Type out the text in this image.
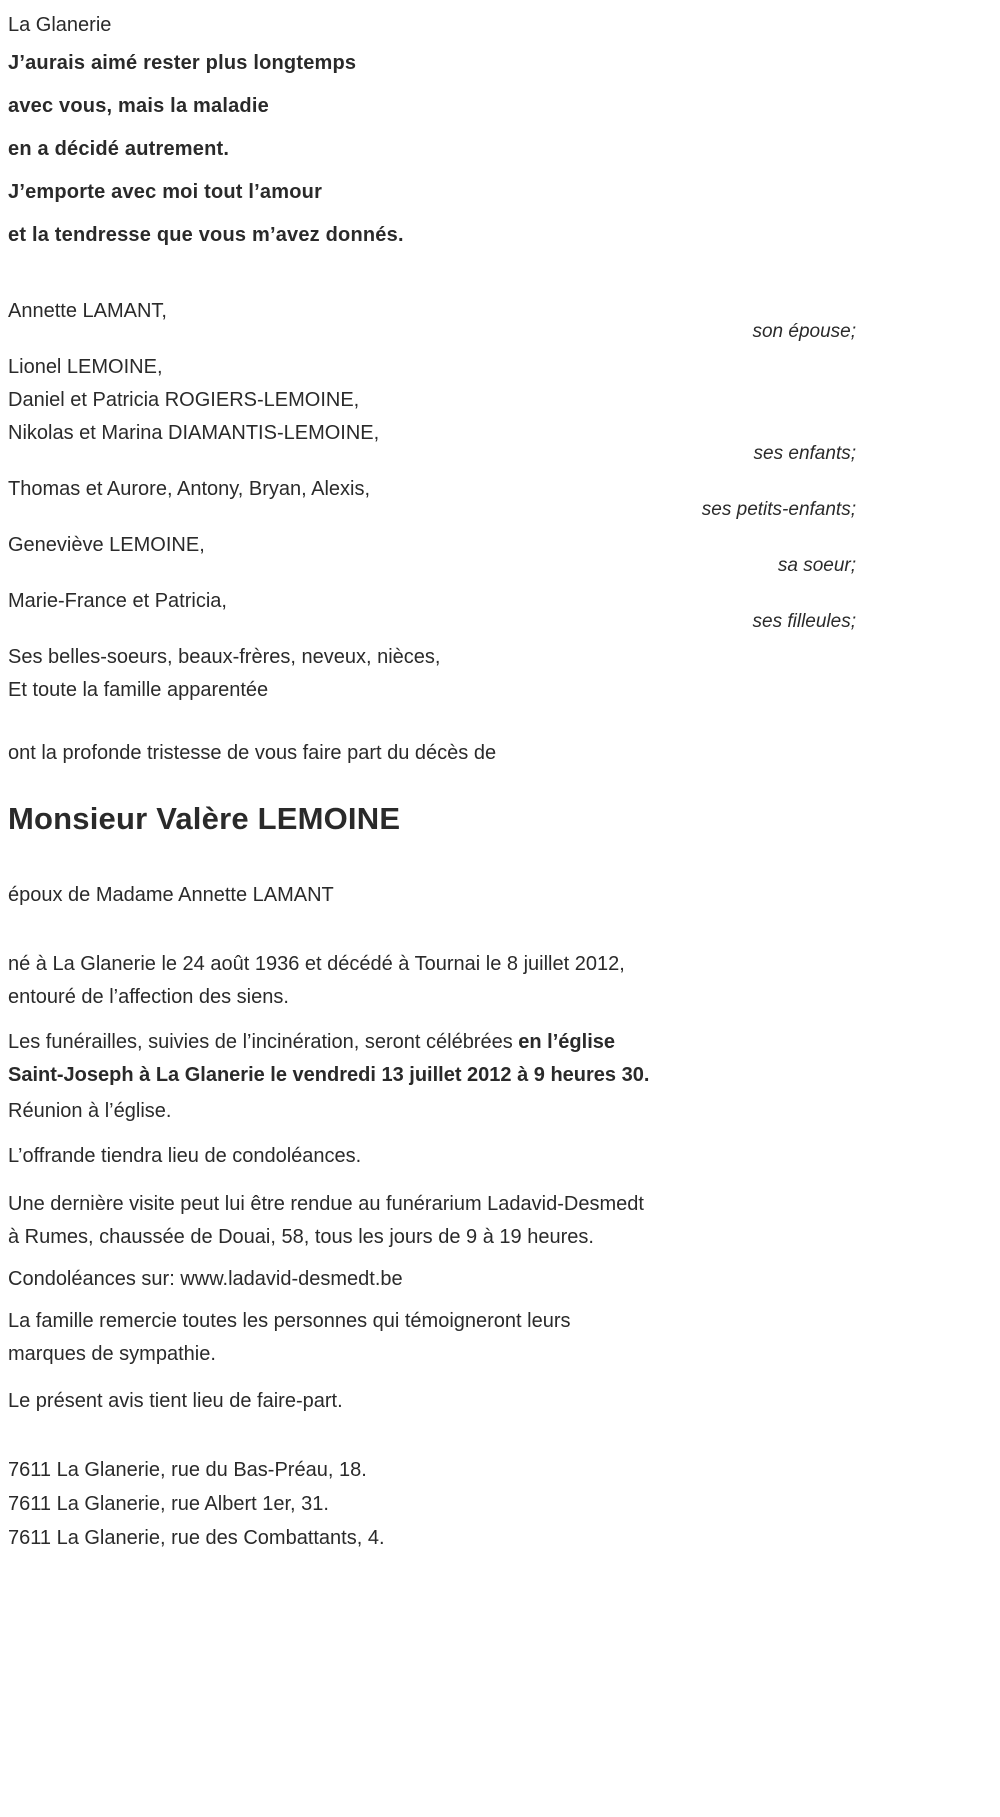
La Glanerie

J’aurais aimé rester plus longtemps

avec vous, mais la maladie

en a décidé autrement.

J’emporte avec moi tout l’amour

et la tendresse que vous m’avez donnés.

Annette LAMANT,

son épouse;

Lionel LEMOINE,

Daniel et Patricia ROGIERS-LEMOINE,

Nikolas et Marina DIAMANTIS-LEMOINE,

ses enfants;

Thomas et Aurore, Antony, Bryan, Alexis,

ses petits-enfants;

Geneviève LEMOINE,

sa soeur;

Marie-France et Patricia,

ses filleules;

Ses belles-soeurs, beaux-frères, neveux, nièces,

Et toute la famille apparentée

ont la profonde tristesse de vous faire part du décès de

Monsieur Valère LEMOINE

époux de Madame Annette LAMANT

né à La Glanerie le 24 août 1936 et décédé à Tournai le 8 juillet 2012,

entouré de l’affection des siens.

Les funérailles, suivies de l’incinération, seront célébrées en l’église

Saint-Joseph à La Glanerie le vendredi 13 juillet 2012 à 9 heures 30.

Réunion à l’église.

L’offrande tiendra lieu de condoléances.

Une dernière visite peut lui être rendue au funérarium Ladavid-Desmedt

à Rumes, chaussée de Douai, 58, tous les jours de 9 à 19 heures.

Condoléances sur: www.ladavid-desmedt.be

La famille remercie toutes les personnes qui témoigneront leurs

marques de sympathie.

Le présent avis tient lieu de faire-part.

7611 La Glanerie, rue du Bas-Préau, 18.

7611 La Glanerie, rue Albert 1er, 31.

7611 La Glanerie, rue des Combattants, 4.
